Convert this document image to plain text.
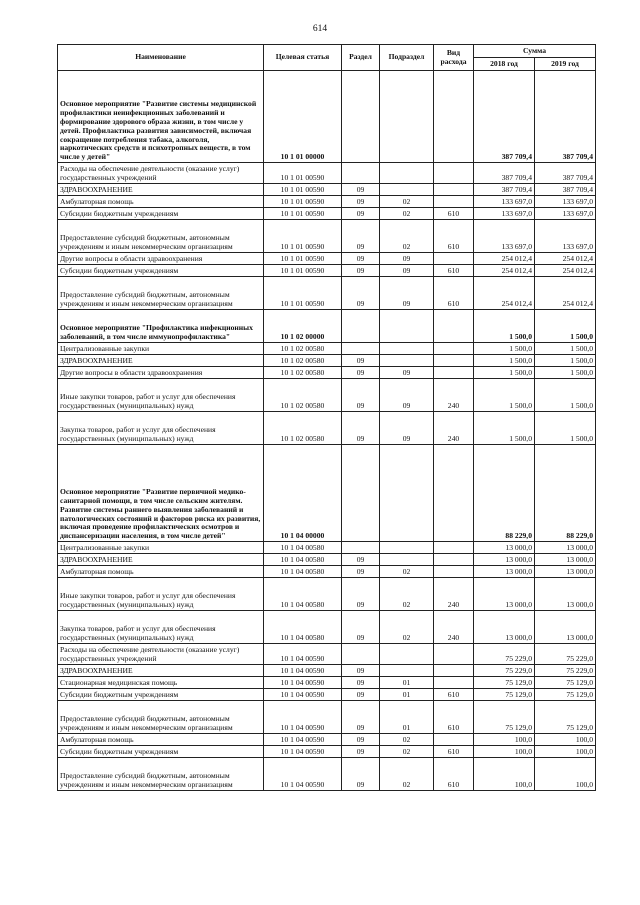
614
Наименование	Целевая статья	Раздел	Подраздел	Вид расхода	Сумма	
					2018 год	2019 год
Основное мероприятие "Развитие системы медицинской профилактики неинфекционных заболеваний и формирование здорового образа жизни, в том числе у детей. Профилактика развития зависимостей, включая сокращение потребления табака, алкоголя, наркотических средств и психотропных веществ, в том числе у детей"	10 1 01 00000				387 709,4	387 709,4
Расходы на обеспечение деятельности (оказание услуг) государственных учреждений	10 1 01 00590				387 709,4	387 709,4
ЗДРАВООХРАНЕНИЕ	10 1 01 00590	09			387 709,4	387 709,4
Амбулаторная помощь	10 1 01 00590	09	02		133 697,0	133 697,0
Субсидии бюджетным учреждениям	10 1 01 00590	09	02	610	133 697,0	133 697,0
Предоставление субсидий бюджетным, автономным учреждениям и иным некоммерческим организациям	10 1 01 00590	09	02	610	133 697,0	133 697,0
Другие вопросы в области здравоохранения	10 1 01 00590	09	09		254 012,4	254 012,4
Субсидии бюджетным учреждениям	10 1 01 00590	09	09	610	254 012,4	254 012,4
Предоставление субсидий бюджетным, автономным учреждениям и иным некоммерческим организациям	10 1 01 00590	09	09	610	254 012,4	254 012,4
Основное мероприятие "Профилактика инфекционных заболеваний, в том числе иммунопрофилактика"	10 1 02 00000				1 500,0	1 500,0
Централизованные закупки	10 1 02 00580				1 500,0	1 500,0
ЗДРАВООХРАНЕНИЕ	10 1 02 00580	09			1 500,0	1 500,0
Другие вопросы в области здравоохранения	10 1 02 00580	09	09		1 500,0	1 500,0
Иные закупки товаров, работ и услуг для обеспечения государственных (муниципальных) нужд	10 1 02 00580	09	09	240	1 500,0	1 500,0
Закупка товаров, работ и услуг для обеспечения государственных (муниципальных) нужд	10 1 02 00580	09	09	240	1 500,0	1 500,0
Основное мероприятие "Развитие первичной медико-санитарной помощи, в том числе сельским жителям. Развитие системы раннего выявления заболеваний и патологических состояний и факторов риска их развития, включая проведение профилактических осмотров и диспансеризации населения, в том числе детей"	10 1 04 00000				88 229,0	88 229,0
Централизованные закупки	10 1 04 00580				13 000,0	13 000,0
ЗДРАВООХРАНЕНИЕ	10 1 04 00580	09			13 000,0	13 000,0
Амбулаторная помощь	10 1 04 00580	09	02		13 000,0	13 000,0
Иные закупки товаров, работ и услуг для обеспечения государственных (муниципальных) нужд	10 1 04 00580	09	02	240	13 000,0	13 000,0
Закупка товаров, работ и услуг для обеспечения государственных (муниципальных) нужд	10 1 04 00580	09	02	240	13 000,0	13 000,0
Расходы на обеспечение деятельности (оказание услуг) государственных учреждений	10 1 04 00590				75 229,0	75 229,0
ЗДРАВООХРАНЕНИЕ	10 1 04 00590	09			75 229,0	75 229,0
Стационарная медицинская помощь	10 1 04 00590	09	01		75 129,0	75 129,0
Субсидии бюджетным учреждениям	10 1 04 00590	09	01	610	75 129,0	75 129,0
Предоставление субсидий бюджетным, автономным учреждениям и иным некоммерческим организациям	10 1 04 00590	09	01	610	75 129,0	75 129,0
Амбулаторная помощь	10 1 04 00590	09	02		100,0	100,0
Субсидии бюджетным учреждениям	10 1 04 00590	09	02	610	100,0	100,0
Предоставление субсидий бюджетным, автономным учреждениям и иным некоммерческим организациям	10 1 04 00590	09	02	610	100,0	100,0
